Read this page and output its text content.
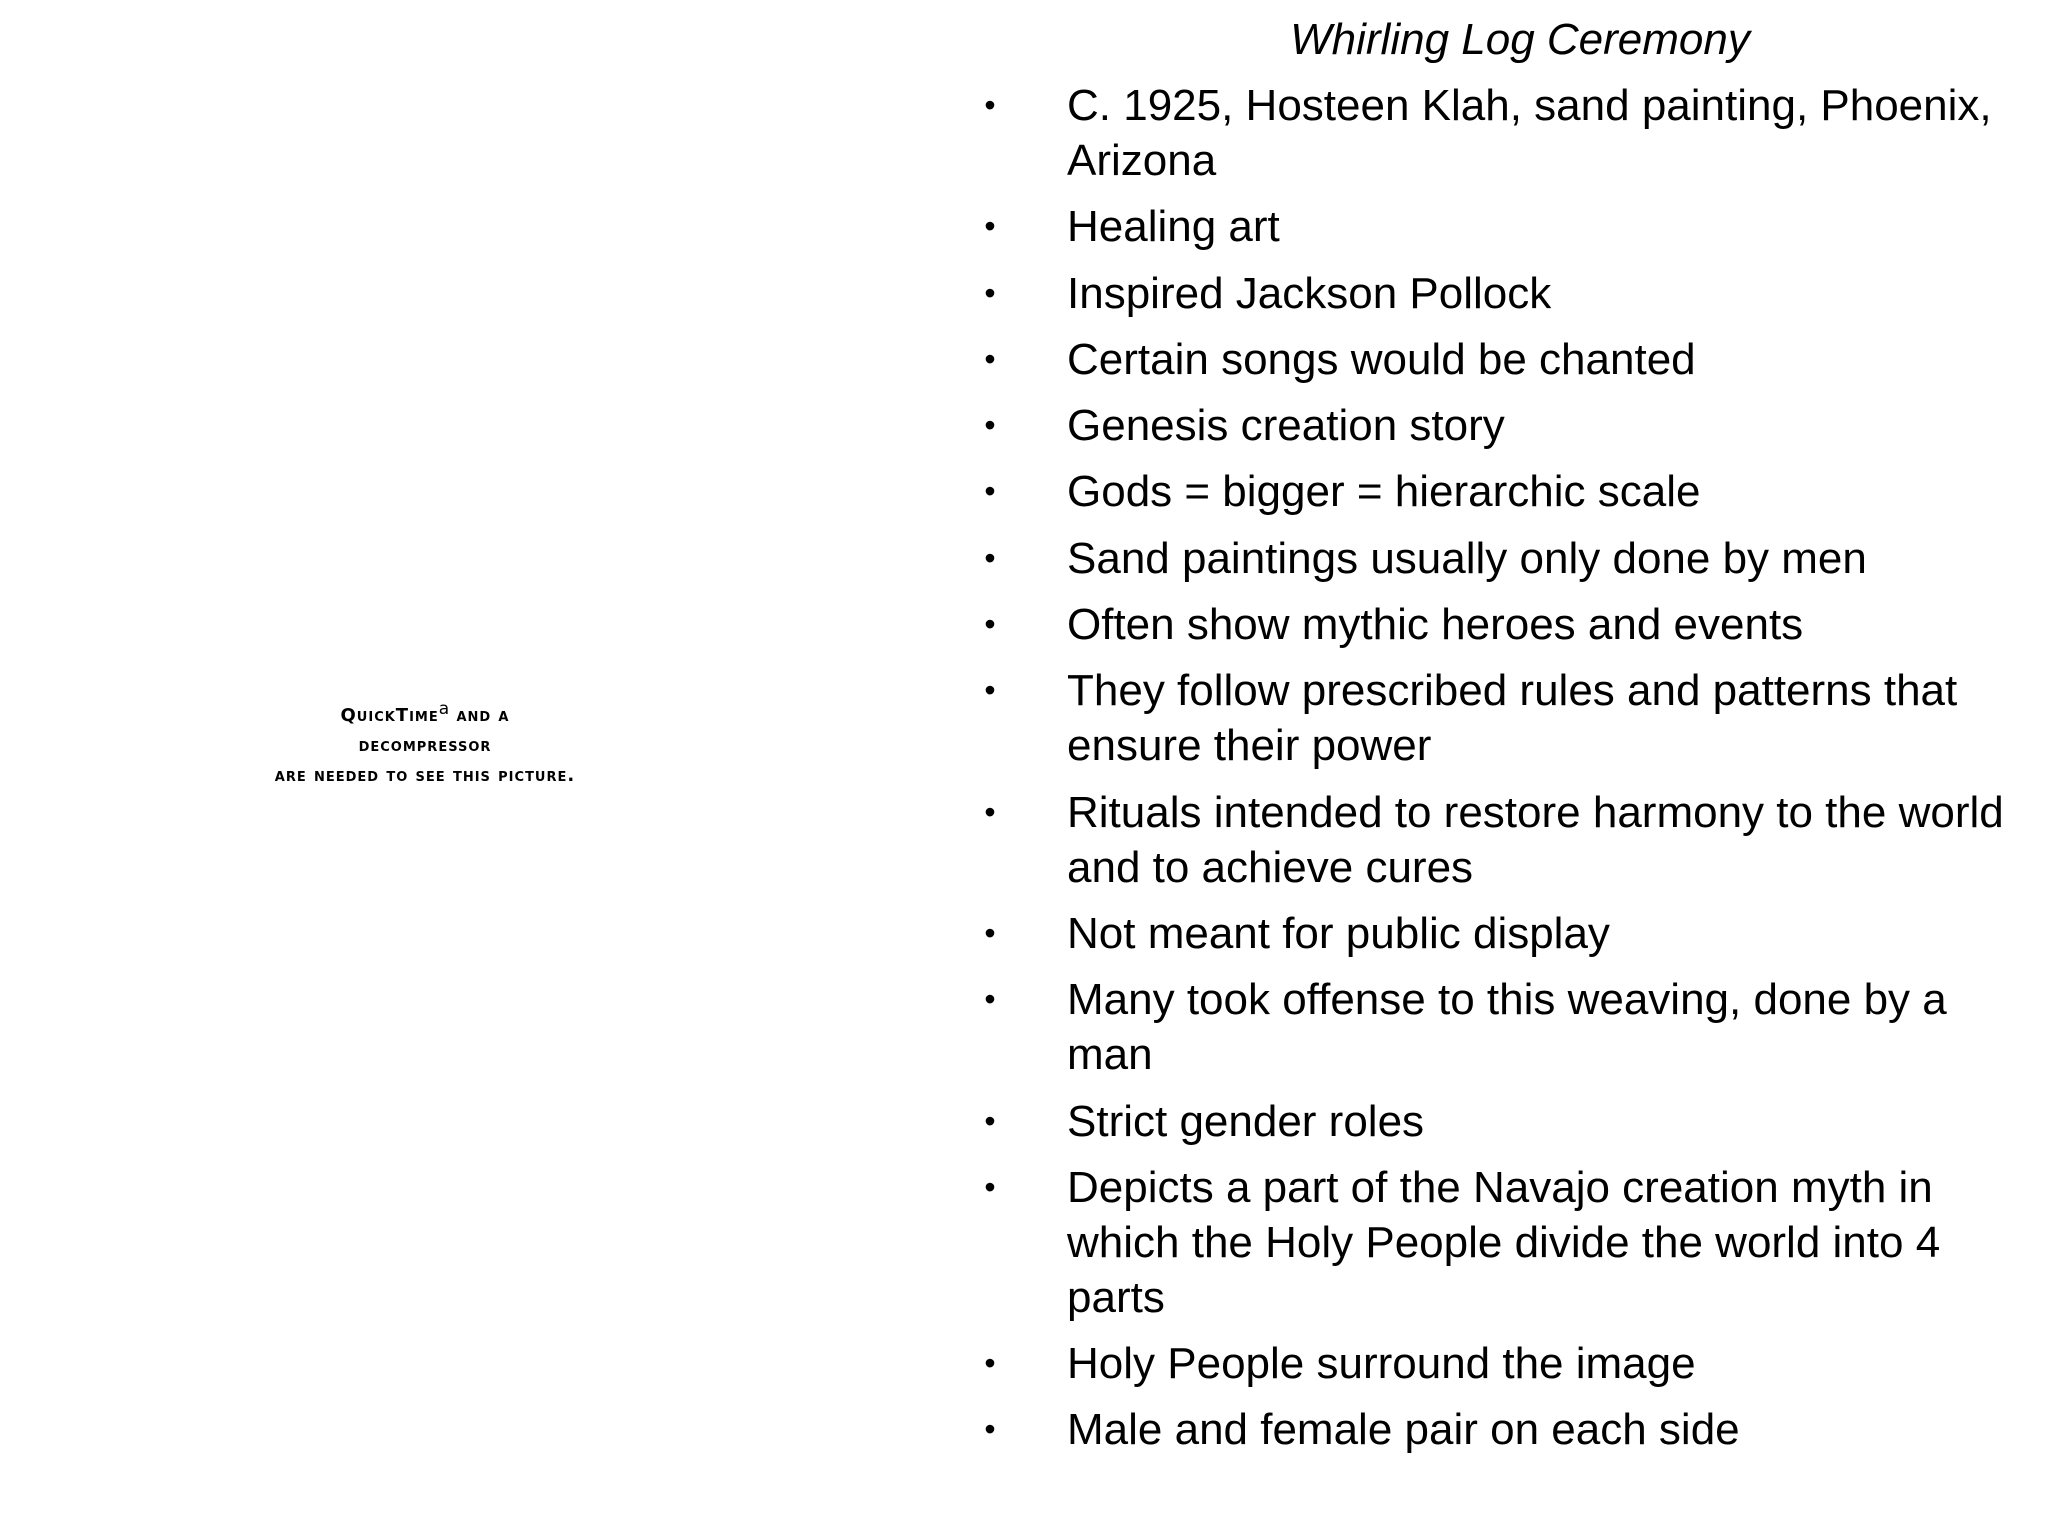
QuickTime$^a$ and a
decompressor
are needed to see this picture.
Whirling Log Ceremony
• C. 1925, Hosteen Klah, sand painting, Phoenix, Arizona
• Healing art
• Inspired Jackson Pollock
• Certain songs would be chanted
• Genesis creation story
• Gods = bigger = hierarchic scale
• Sand paintings usually only done by men
• Often show mythic heroes and events
• They follow prescribed rules and patterns that ensure their power
• Rituals intended to restore harmony to the world and to achieve cures
• Not meant for public display
• Many took offense to this weaving, done by a man
• Strict gender roles
• Depicts a part of the Navajo creation myth in which the Holy People divide the world into 4 parts
• Holy People surround the image
• Male and female pair on each side
